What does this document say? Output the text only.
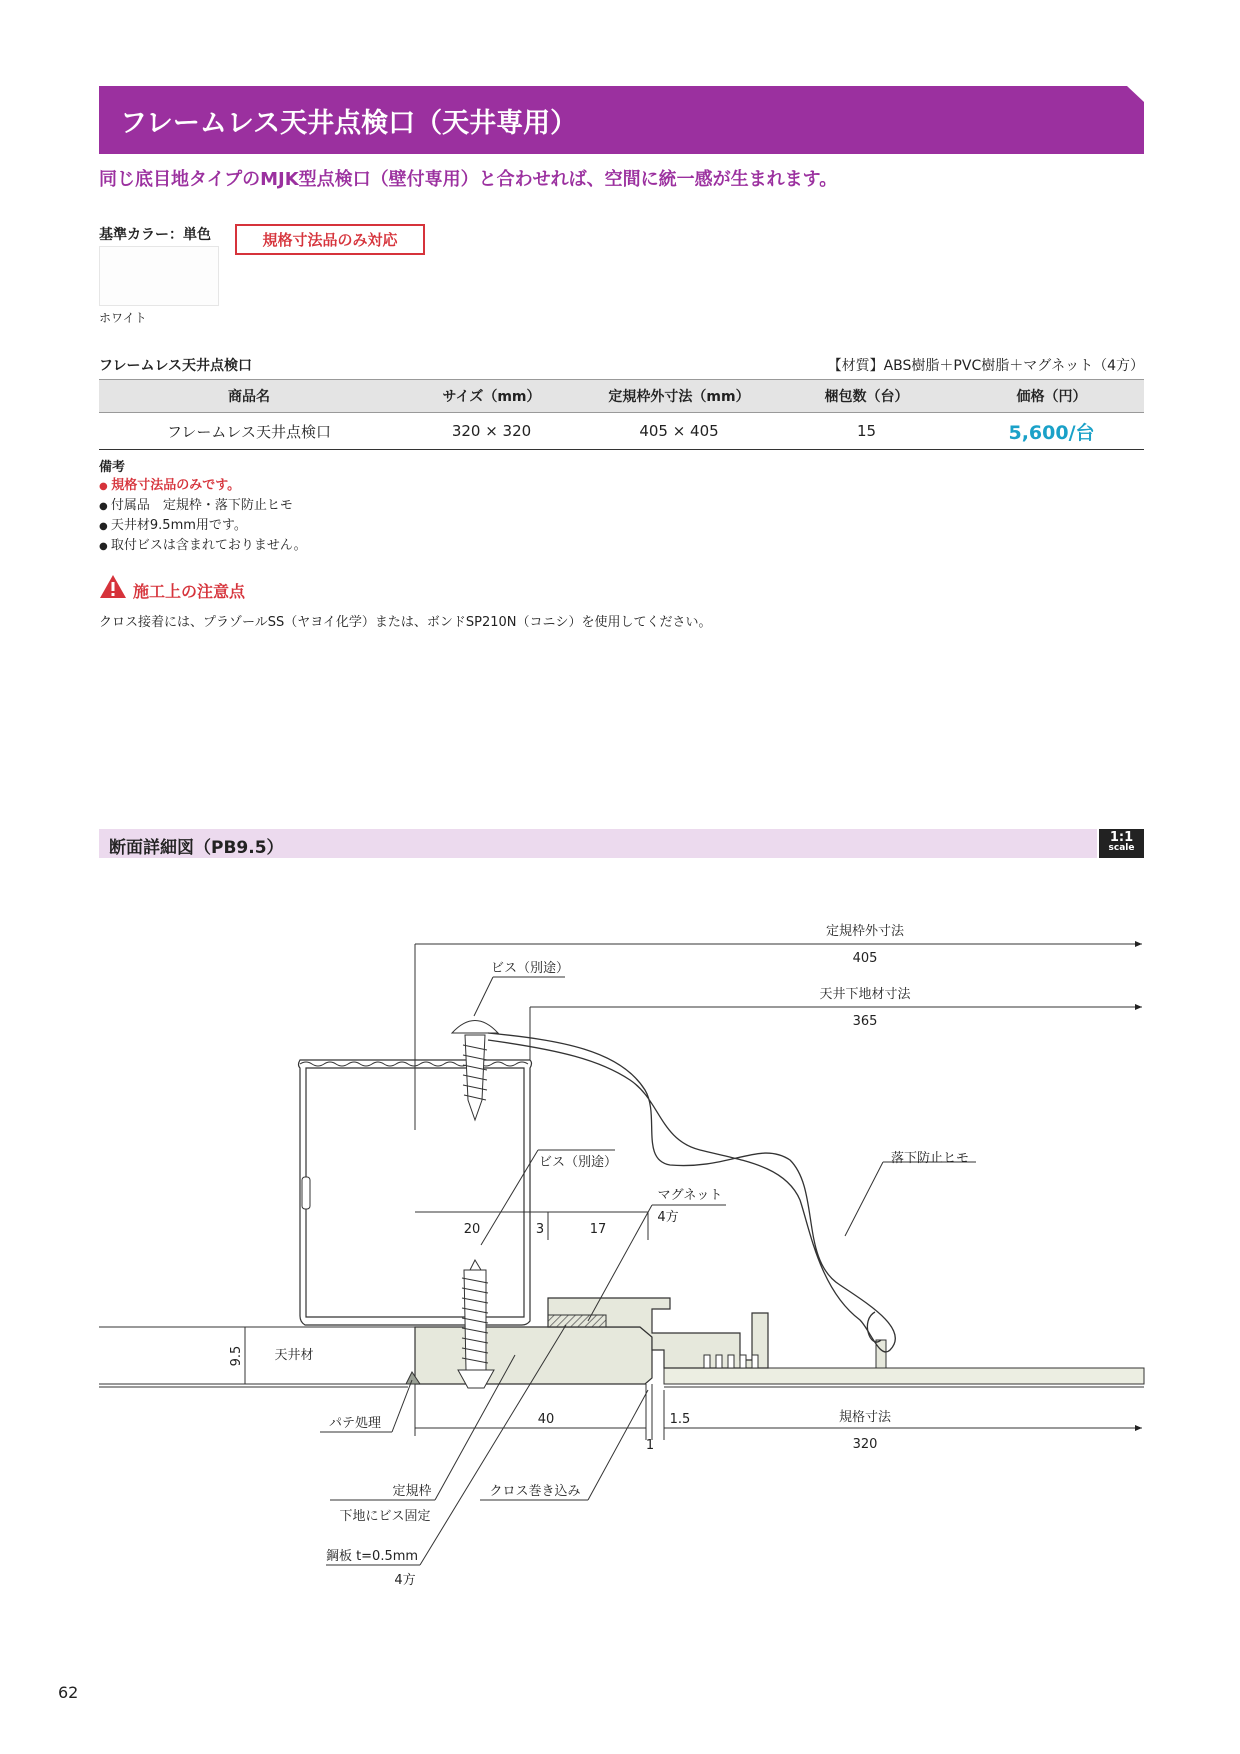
フレームレス天井点検口（天井専用）
同じ底目地タイプのMJK型点検口（壁付専用）と合わせれば、空間に統一感が生まれます。
基準カラー：単色
ホワイト
規格寸法品のみ対応
フレームレス天井点検口	【材質】ABS樹脂＋PVC樹脂＋マグネット（4方）
商品名	サイズ（mm）	定規枠外寸法（mm）	梱包数（台）	価格（円）
フレームレス天井点検口	320 × 320	405 × 405	15	5,600/台
備考
● 規格寸法品のみです。
● 付属品　定規枠・落下防止ヒモ
● 天井材9.5mm用です。
● 取付ビスは含まれておりません。
施工上の注意点
クロス接着には、プラゾールSS（ヤヨイ化学）または、ボンドSP210N（コニシ）を使用してください。
断面詳細図（PB9.5）
1:1
scale
定規枠外寸法
405
天井下地材寸法
365
ビス（別途）
ビス（別途）	落下防止ヒモ
マグネット
4方
20	3	17
9.5 天井材
パテ処理	40	1.5
1
規格寸法
320
定規枠
下地にビス固定
クロス巻き込み
鋼板 t=0.5mm
4方
62
